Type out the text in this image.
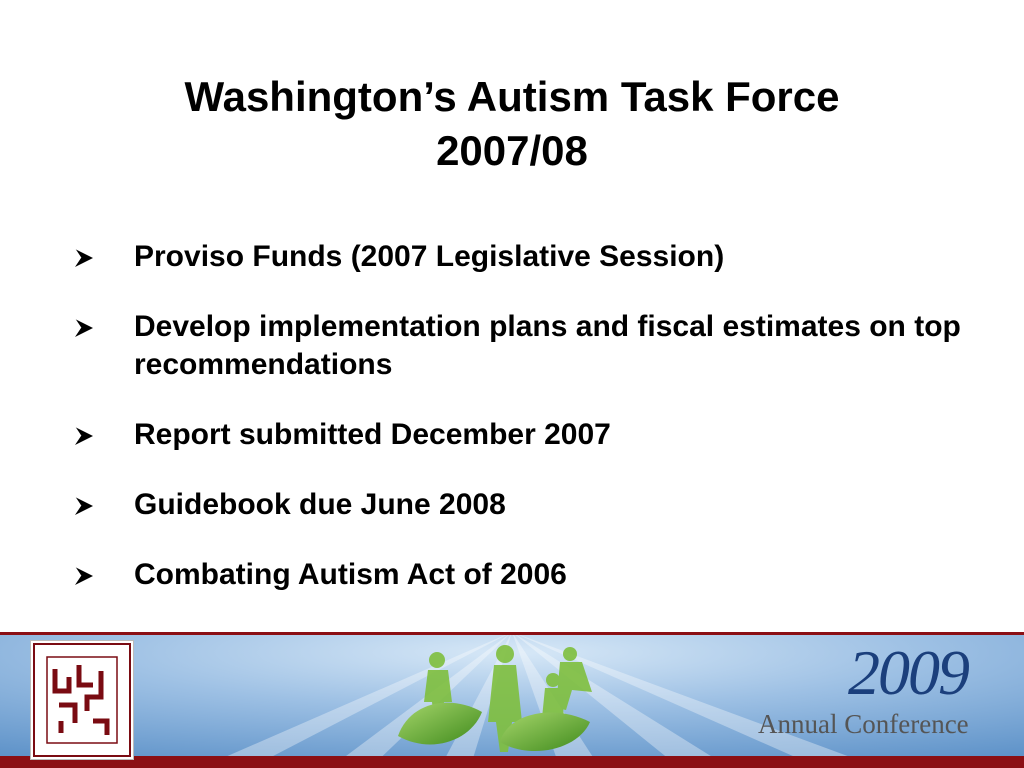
Washington’s Autism Task Force
2007/08
Proviso Funds (2007 Legislative Session)
Develop implementation plans and fiscal estimates on top recommendations
Report submitted December 2007
Guidebook due June 2008
Combating Autism Act of 2006
2009
Annual Conference
